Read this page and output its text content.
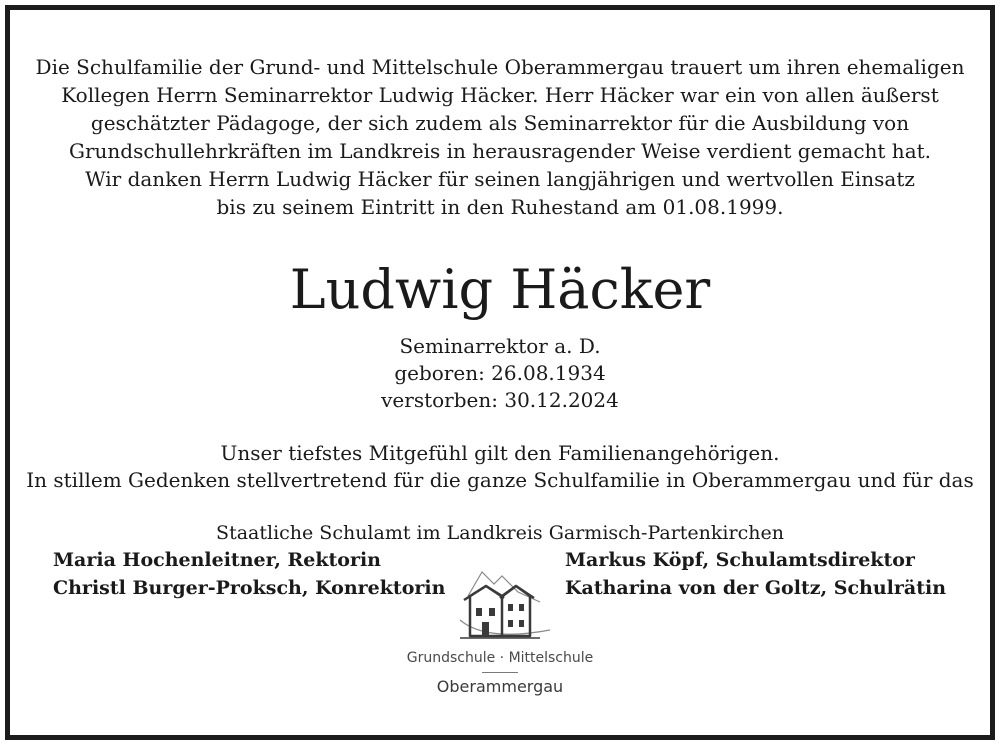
Die Schulfamilie der Grund- und Mittelschule Oberammergau trauert um ihren ehemaligen
Kollegen Herrn Seminarrektor Ludwig Häcker. Herr Häcker war ein von allen äußerst
geschätzter Pädagoge, der sich zudem als Seminarrektor für die Ausbildung von
Grundschullehrkräften im Landkreis in herausragender Weise verdient gemacht hat.
Wir danken Herrn Ludwig Häcker für seinen langjährigen und wertvollen Einsatz
bis zu seinem Eintritt in den Ruhestand am 01.08.1999.
Ludwig Häcker
Seminarrektor a. D.
geboren: 26.08.1934
verstorben: 30.12.2024
Unser tiefstes Mitgefühl gilt den Familienangehörigen.
In stillem Gedenken stellvertretend für die ganze Schulfamilie in Oberammergau und für das
Staatliche Schulamt im Landkreis Garmisch-Partenkirchen
Maria Hochenleitner, Rektorin
Christl Burger-Proksch, Konrektorin
Markus Köpf, Schulamtsdirektor
Katharina von der Goltz, Schulrätin
Grundschule · Mittelschule
Oberammergau
